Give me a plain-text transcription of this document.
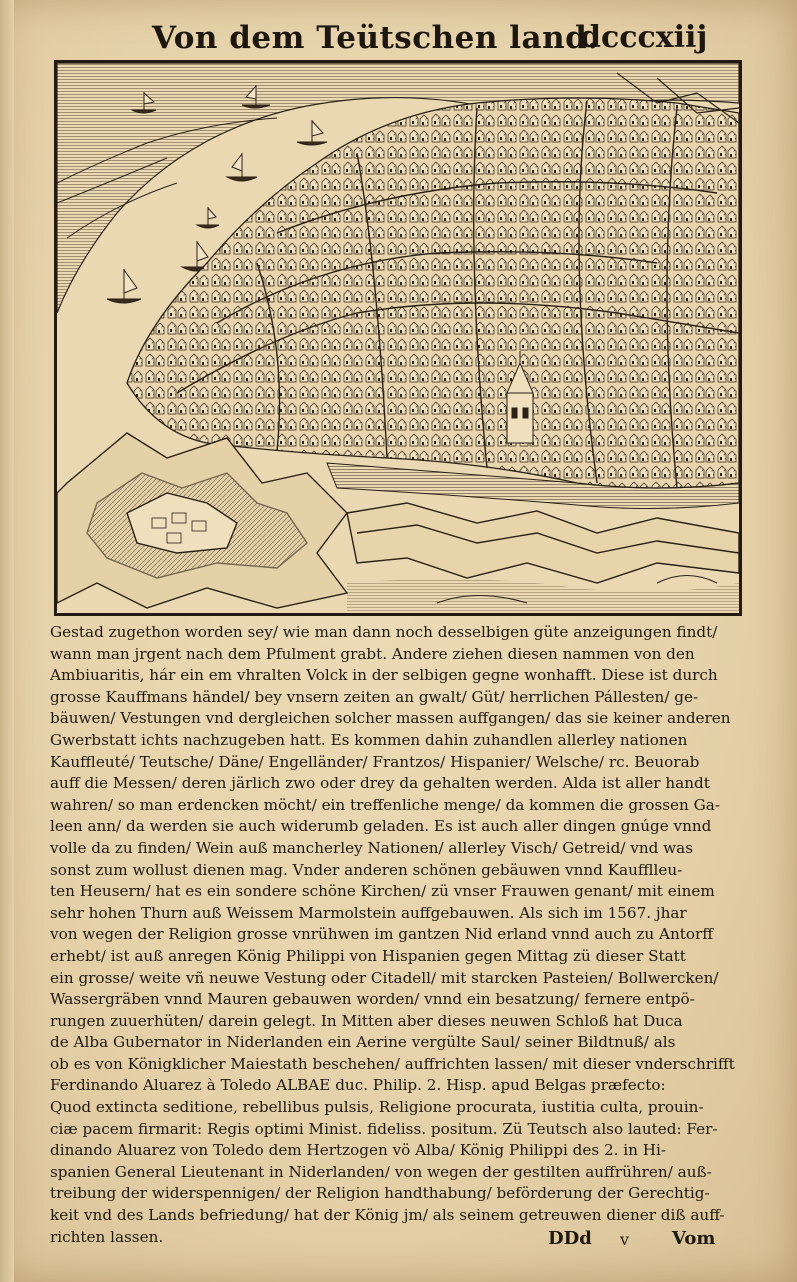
Von dem Teütschen land.
dcccxiij
Gestad zugethon worden sey/ wie man dann noch desselbigen güte anzeigungen findt/
wann man jrgent nach dem Pfulment grabt. Andere ziehen diesen nammen von den
Ambiuaritis, hár ein em vhralten Volck in der selbigen gegne wonhafft. Diese ist durch
grosse Kauffmans händel/ bey vnsern zeiten an gwalt/ Güt/ herrlichen Pállesten/ ge-
bäuwen/ Vestungen vnd dergleichen solcher massen auffgangen/ das sie keiner anderen
Gwerbstatt ichts nachzugeben hatt. Es kommen dahin zuhandlen allerley nationen
Kauffleuté/ Teutsche/ Däne/ Engelländer/ Frantzos/ Hispanier/ Welsche/ rc. Beuorab
auff die Messen/ deren järlich zwo oder drey da gehalten werden. Alda ist aller handt
wahren/ so man erdencken möcht/ ein treffenliche menge/ da kommen die grossen Ga-
leen ann/ da werden sie auch widerumb geladen. Es ist auch aller dingen gnúge vnnd
volle da zu finden/ Wein auß mancherley Nationen/ allerley Visch/ Getreid/ vnd was
sonst zum wollust dienen mag. Vnder anderen schönen gebäuwen vnnd Kaufflleu-
ten Heusern/ hat es ein sondere schöne Kirchen/ zü vnser Frauwen genant/ mit einem
sehr hohen Thurn auß Weissem Marmolstein auffgebauwen. Als sich im 1567. jhar
von wegen der Religion grosse vnrühwen im gantzen Nid erland vnnd auch zu Antorff
erhebt/ ist auß anregen König Philippi von Hispanien gegen Mittag zü dieser Statt
ein grosse/ weite vñ neuwe Vestung oder Citadell/ mit starcken Pasteien/ Bollwercken/
Wassergräben vnnd Mauren gebauwen worden/ vnnd ein besatzung/ fernere entpö-
rungen zuuerhüten/ darein gelegt. In Mitten aber dieses neuwen Schloß hat Duca
de Alba Gubernator in Niderlanden ein Aerine vergülte Saul/ seiner Bildtnuß/ als
ob es von Königklicher Maiestath beschehen/ auffrichten lassen/ mit dieser vnderschrifft
Ferdinando Aluarez à Toledo ALBAE duc. Philip. 2. Hisp. apud Belgas præfecto:
Quod extincta seditione, rebellibus pulsis, Religione procurata, iustitia culta, prouin-
ciæ pacem firmarit: Regis optimi Minist. fideliss. positum. Zü Teutsch also lauted: Fer-
dinando Aluarez von Toledo dem Hertzogen vö Alba/ König Philippi des 2. in Hi-
spanien General Lieutenant in Niderlanden/ von wegen der gestilten auffrühren/ auß-
treibung der widerspennigen/ der Religion handthabung/ beförderung der Gerechtig-
keit vnd des Lands befriedung/ hat der König jm/ als seinem getreuwen diener diß auff-
richten lassen.	DDd v Vom
